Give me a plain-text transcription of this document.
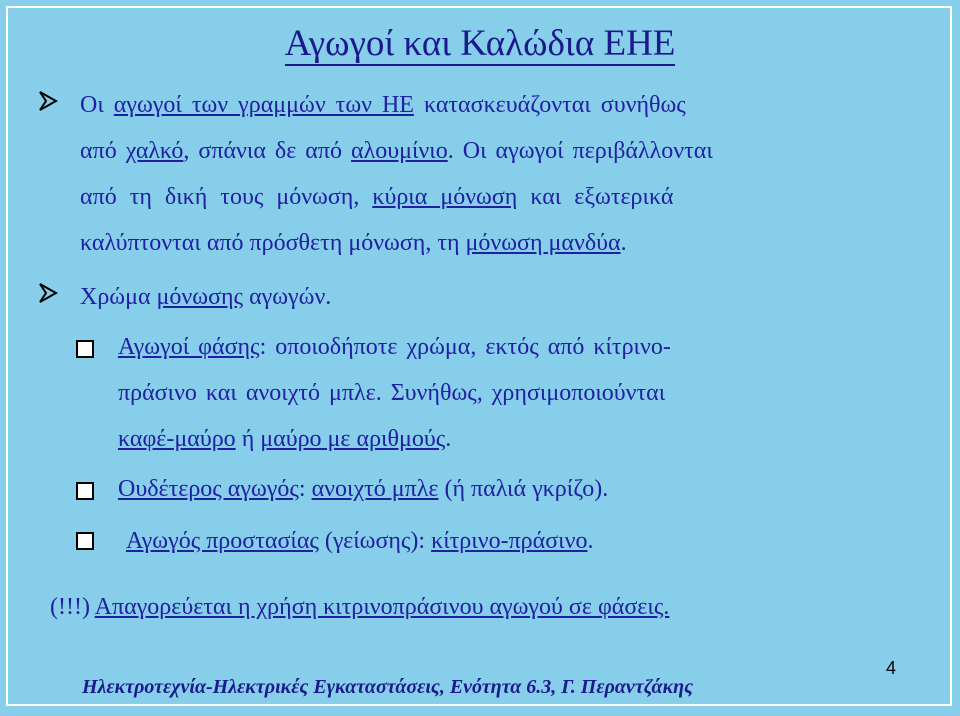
Αγωγοί και Καλώδια ΕΗΕ
Οι αγωγοί των γραμμών των ΗΕ κατασκευάζονται συνήθως
από χαλκό, σπάνια δε από αλουμίνιο. Οι αγωγοί περιβάλλονται
από τη δική τους μόνωση, κύρια μόνωση και εξωτερικά
καλύπτονται από πρόσθετη μόνωση, τη μόνωση μανδύα.
Χρώμα μόνωσης αγωγών.
Αγωγοί φάσης: οποιοδήποτε χρώμα, εκτός από κίτρινο-
πράσινο και ανοιχτό μπλε. Συνήθως, χρησιμοποιούνται
καφέ-μαύρο ή μαύρο με αριθμούς.
Ουδέτερος αγωγός: ανοιχτό μπλε (ή παλιά γκρίζο).
Αγωγός προστασίας (γείωσης): κίτρινο-πράσινο.
(!!!) Απαγορεύεται η χρήση κιτρινοπράσινου αγωγού σε φάσεις.
Ηλεκτροτεχνία-Ηλεκτρικές Εγκαταστάσεις, Ενότητα 6.3, Γ. Περαντζάκης
4
